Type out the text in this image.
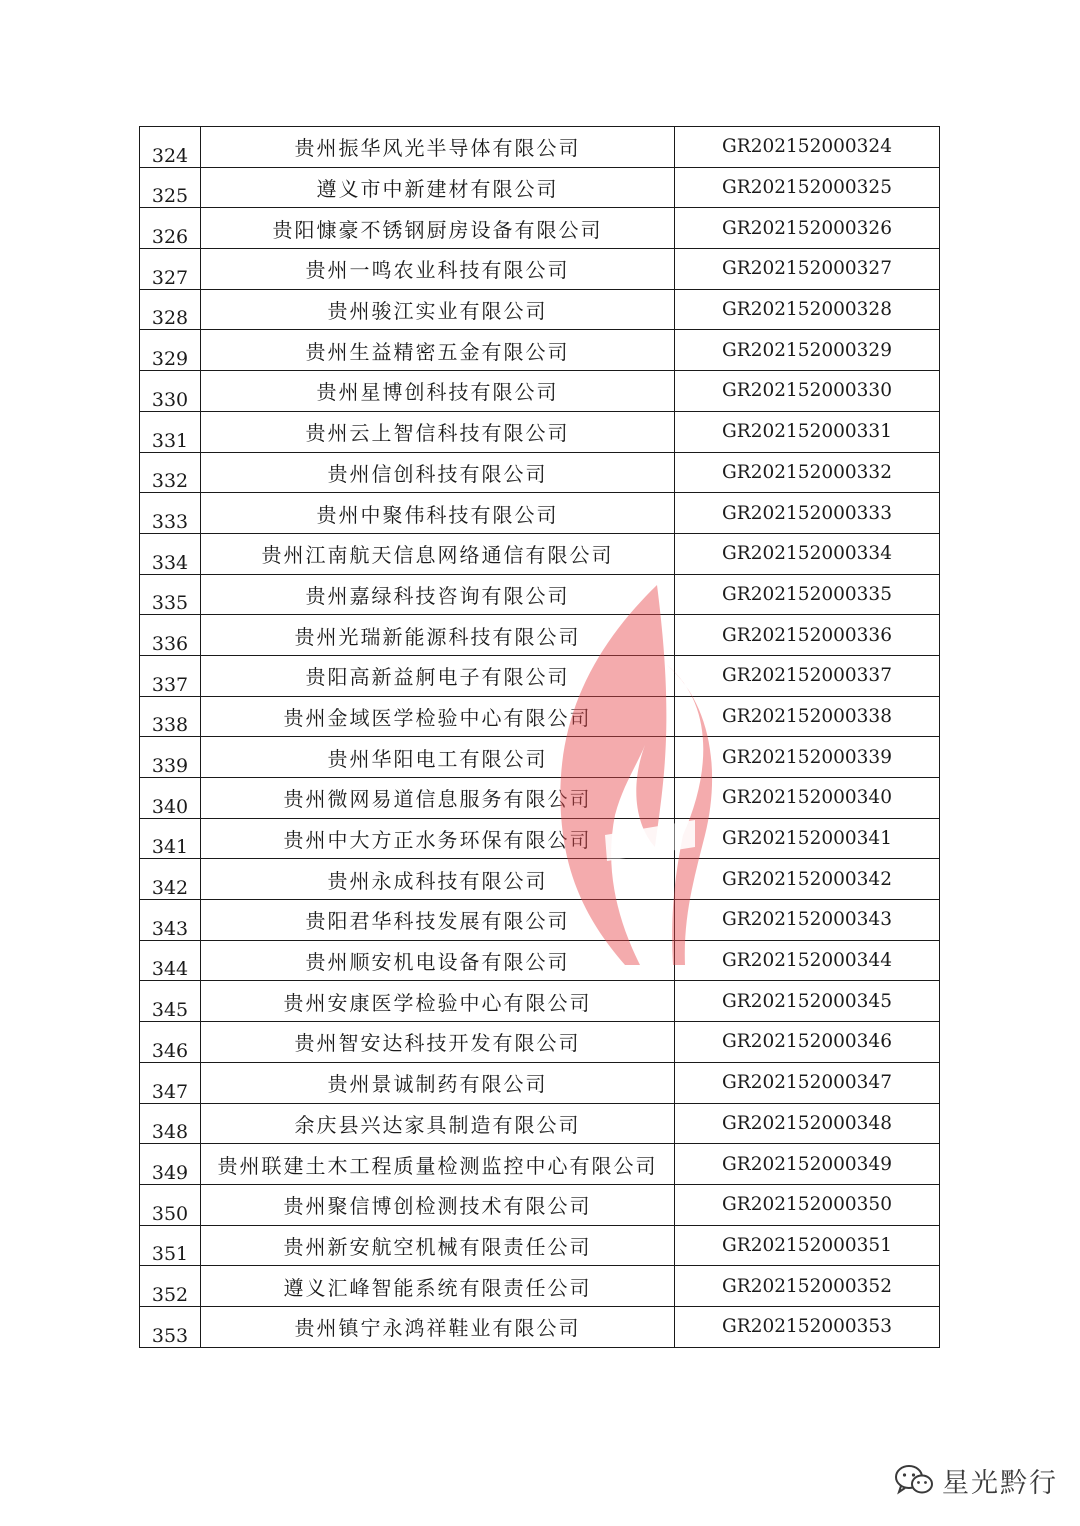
324	贵州振华风光半导体有限公司	GR202152000324
325	遵义市中新建材有限公司	GR202152000325
326	贵阳慷豪不锈钢厨房设备有限公司	GR202152000326
327	贵州一鸣农业科技有限公司	GR202152000327
328	贵州骏江实业有限公司	GR202152000328
329	贵州生益精密五金有限公司	GR202152000329
330	贵州星博创科技有限公司	GR202152000330
331	贵州云上智信科技有限公司	GR202152000331
332	贵州信创科技有限公司	GR202152000332
333	贵州中聚伟科技有限公司	GR202152000333
334	贵州江南航天信息网络通信有限公司	GR202152000334
335	贵州嘉绿科技咨询有限公司	GR202152000335
336	贵州光瑞新能源科技有限公司	GR202152000336
337	贵阳高新益舸电子有限公司	GR202152000337
338	贵州金域医学检验中心有限公司	GR202152000338
339	贵州华阳电工有限公司	GR202152000339
340	贵州微网易道信息服务有限公司	GR202152000340
341	贵州中大方正水务环保有限公司	GR202152000341
342	贵州永成科技有限公司	GR202152000342
343	贵阳君华科技发展有限公司	GR202152000343
344	贵州顺安机电设备有限公司	GR202152000344
345	贵州安康医学检验中心有限公司	GR202152000345
346	贵州智安达科技开发有限公司	GR202152000346
347	贵州景诚制药有限公司	GR202152000347
348	余庆县兴达家具制造有限公司	GR202152000348
349	贵州联建土木工程质量检测监控中心有限公司	GR202152000349
350	贵州聚信博创检测技术有限公司	GR202152000350
351	贵州新安航空机械有限责任公司	GR202152000351
352	遵义汇峰智能系统有限责任公司	GR202152000352
353	贵州镇宁永鸿祥鞋业有限公司	GR202152000353
星光黔行
